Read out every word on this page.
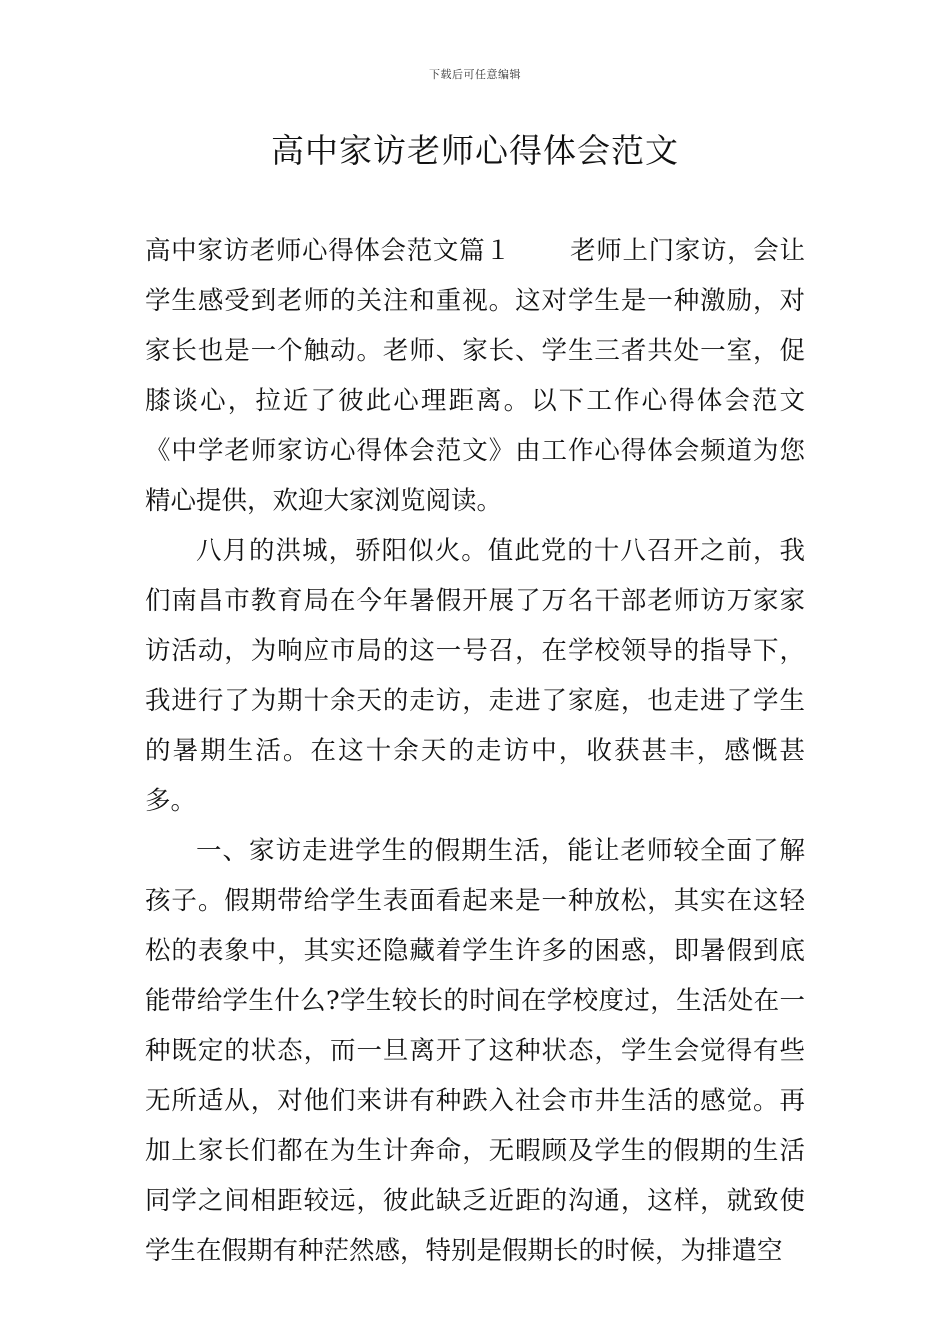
下载后可任意编辑
高中家访老师心得体会范文

高中家访老师心得体会范文篇１ 老师上门家访，会让学生感受到老师的关注和重视。这对学生是一种激励，对家长也是一个触动。老师、家长、学生三者共处一室，促膝谈心，拉近了彼此心理距离。以下工作心得体会范文《中学老师家访心得体会范文》由工作心得体会频道为您精心提供，欢迎大家浏览阅读。

八月的洪城，骄阳似火。值此党的十八召开之前，我们南昌市教育局在今年暑假开展了万名干部老师访万家家访活动，为响应市局的这一号召，在学校领导的指导下，我进行了为期十余天的走访，走进了家庭，也走进了学生的暑期生活。在这十余天的走访中，收获甚丰，感慨甚多。

一、家访走进学生的假期生活，能让老师较全面了解孩子。假期带给学生表面看起来是一种放松，其实在这轻松的表象中，其实还隐藏着学生许多的困惑，即暑假到底能带给学生什么?学生较长的时间在学校度过，生活处在一种既定的状态，而一旦离开了这种状态，学生会觉得有些无所适从，对他们来讲有种跌入社会市井生活的感觉。再加上家长们都在为生计奔命，无暇顾及学生的假期的生活同学之间相距较远，彼此缺乏近距的沟通，这样，就致使学生在假期有种茫然感，特别是假期长的时候，为排遣空
